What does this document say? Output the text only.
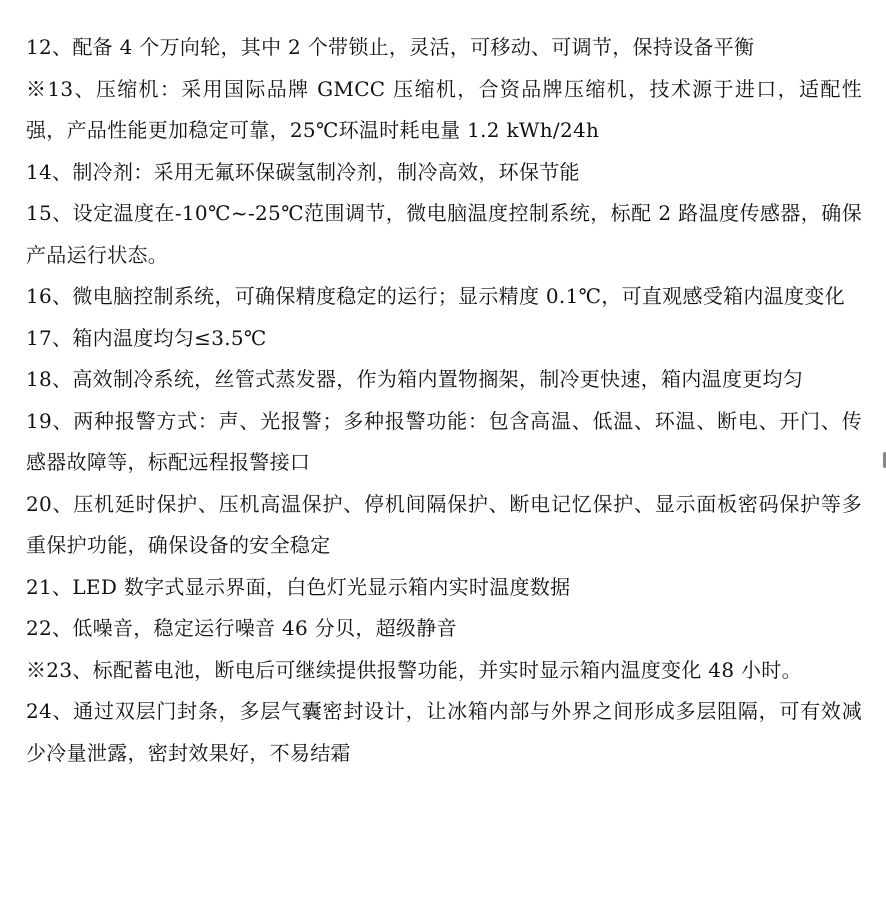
12、配备 4 个万向轮，其中 2 个带锁止，灵活，可移动、可调节，保持设备平衡

※13、压缩机：采用国际品牌 GMCC 压缩机，合资品牌压缩机，技术源于进口，适配性强，产品性能更加稳定可靠，25℃环温时耗电量 1.2 kWh/24h

14、制冷剂：采用无氟环保碳氢制冷剂，制冷高效，环保节能

15、设定温度在-10℃~-25℃范围调节，微电脑温度控制系统，标配 2 路温度传感器，确保产品运行状态。

16、微电脑控制系统，可确保精度稳定的运行；显示精度 0.1℃，可直观感受箱内温度变化

17、箱内温度均匀≤3.5℃

18、高效制冷系统，丝管式蒸发器，作为箱内置物搁架，制冷更快速，箱内温度更均匀

19、两种报警方式：声、光报警；多种报警功能：包含高温、低温、环温、断电、开门、传感器故障等，标配远程报警接口

20、压机延时保护、压机高温保护、停机间隔保护、断电记忆保护、显示面板密码保护等多重保护功能，确保设备的安全稳定

21、LED 数字式显示界面，白色灯光显示箱内实时温度数据

22、低噪音，稳定运行噪音 46 分贝，超级静音

※23、标配蓄电池，断电后可继续提供报警功能，并实时显示箱内温度变化 48 小时。

24、通过双层门封条，多层气囊密封设计，让冰箱内部与外界之间形成多层阻隔，可有效减少冷量泄露，密封效果好，不易结霜
